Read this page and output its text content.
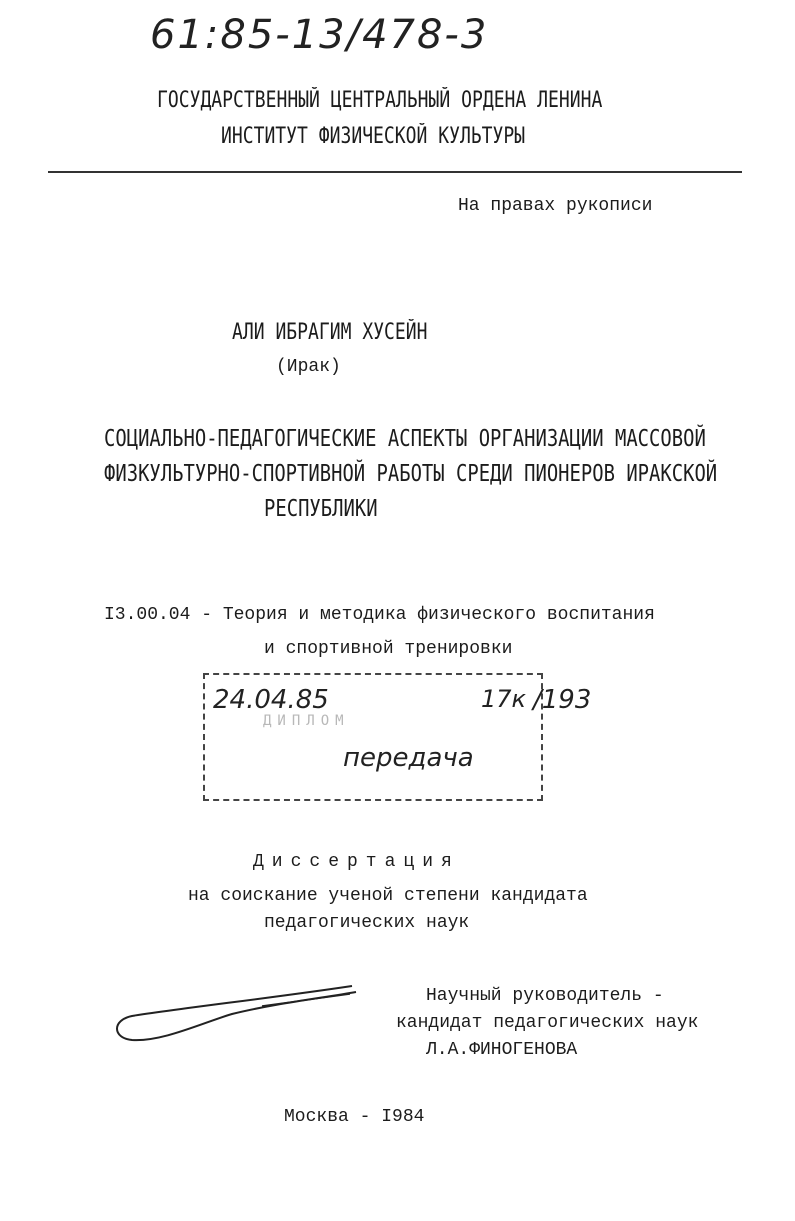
61:85-13/478-3
ГОСУДАРСТВЕННЫЙ ЦЕНТРАЛЬНЫЙ ОРДЕНА ЛЕНИНА
ИНСТИТУТ ФИЗИЧЕСКОЙ КУЛЬТУРЫ
На правах рукописи
АЛИ ИБРАГИМ ХУСЕЙН
(Ирак)
СОЦИАЛЬНО-ПЕДАГОГИЧЕСКИЕ АСПЕКТЫ ОРГАНИЗАЦИИ МАССОВОЙ
ФИЗКУЛЬТУРНО-СПОРТИВНОЙ РАБОТЫ СРЕДИ ПИОНЕРОВ ИРАКСКОЙ
РЕСПУБЛИКИ
I3.00.04 - Теория и методика физического воспитания
и спортивной тренировки
ДИПЛОМ
24.04.85	17к /193
передача
Диссертация
на соискание ученой степени кандидата
педагогических наук
Научный руководитель -
кандидат педагогических наук
Л.А.ФИНОГЕНОВА
Москва - I984
